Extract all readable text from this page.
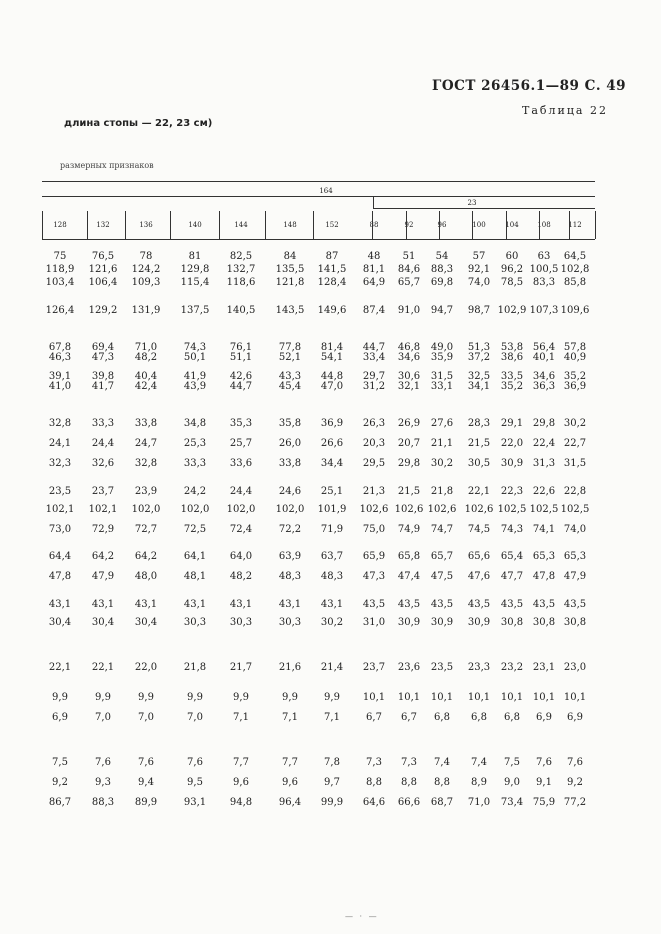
ГОСТ 26456.1—89 С. 49
Таблица 22
длина стопы — 22, 23 см)
размерных признаков
164
23
128	132	136	140	144	148	152	88	92	96	100	104	108	112
75	76,5	78	81	82,5	84	87	48	51	54	57	60	63	64,5
118,9 121,6 124,2 129,8 132,7 135,5 141,5	81,1	84,6	88,3	92,1	96,2 100,5 102,8
103,4 106,4 109,3 115,4 118,6 121,8 128,4	64,9	65,7	69,8	74,0	78,5 83,3 85,8
126,4 129,2 131,9 137,5 140,5 143,5 149,6	87,4	91,0	94,7	98,7 102,9 107,3 109,6
67,8	69,4	71,0	74,3	76,1	77,8	81,4	44,7	46,8	49,0	51,3	53,8 56,4 57,8
46,3	47,3	48,2	50,1	51,1	52,1	54,1	33,4	34,6	35,9	37,2	38,6 40,1 40,9
39,1	39,8	40,4	41,9	42,6	43,3	44,8	29,7	30,6	31,5	32,5	33,5 34,6 35,2
41,0	41,7	42,4	43,9	44,7	45,4	47,0	31,2	32,1	33,1	34,1	35,2 36,3 36,9
32,8	33,3	33,8	34,8	35,3	35,8	36,9	26,3	26,9	27,6	28,3	29,1 29,8 30,2
24,1	24,4	24,7	25,3	25,7	26,0	26,6	20,3	20,7	21,1	21,5	22,0 22,4 22,7
32,3	32,6	32,8	33,3	33,6	33,8	34,4	29,5	29,8	30,2	30,5	30,9 31,3 31,5
23,5	23,7	23,9	24,2	24,4	24,6	25,1	21,3	21,5	21,8	22,1	22,3 22,6 22,8
102,1 102,1 102,0 102,0 102,0 102,0 101,9 102,6 102,6 102,6 102,6 102,5 102,5 102,5
73,0	72,9	72,7	72,5	72,4	72,2	71,9	75,0	74,9	74,7	74,5	74,3 74,1 74,0
64,4	64,2	64,2	64,1	64,0	63,9	63,7	65,9	65,8	65,7	65,6	65,4 65,3 65,3
47,8	47,9	48,0	48,1	48,2	48,3	48,3	47,3	47,4	47,5	47,6	47,7 47,8 47,9
43,1	43,1	43,1	43,1	43,1	43,1	43,1	43,5	43,5	43,5	43,5	43,5 43,5 43,5
30,4	30,4	30,4	30,3	30,3	30,3	30,2	31,0	30,9	30,9	30,9	30,8 30,8 30,8
22,1	22,1	22,0	21,8	21,7	21,6	21,4	23,7	23,6	23,5	23,3	23,2 23,1 23,0
9,9	9,9	9,9	9,9	9,9	9,9	9,9	10,1	10,1	10,1	10,1	10,1 10,1 10,1
6,9	7,0	7,0	7,0	7,1	7,1	7,1	6,7	6,7	6,8	6,8	6,8	6,9	6,9
7,5	7,6	7,6	7,6	7,7	7,7	7,8	7,3	7,3	7,4	7,4	7,5	7,6	7,6
9,2	9,3	9,4	9,5	9,6	9,6	9,7	8,8	8,8	8,8	8,9	9,0	9,1	9,2
86,7	88,3	89,9	93,1	94,8	96,4	99,9	64,6	66,6	68,7	71,0	73,4 75,9 77,2
— · —
